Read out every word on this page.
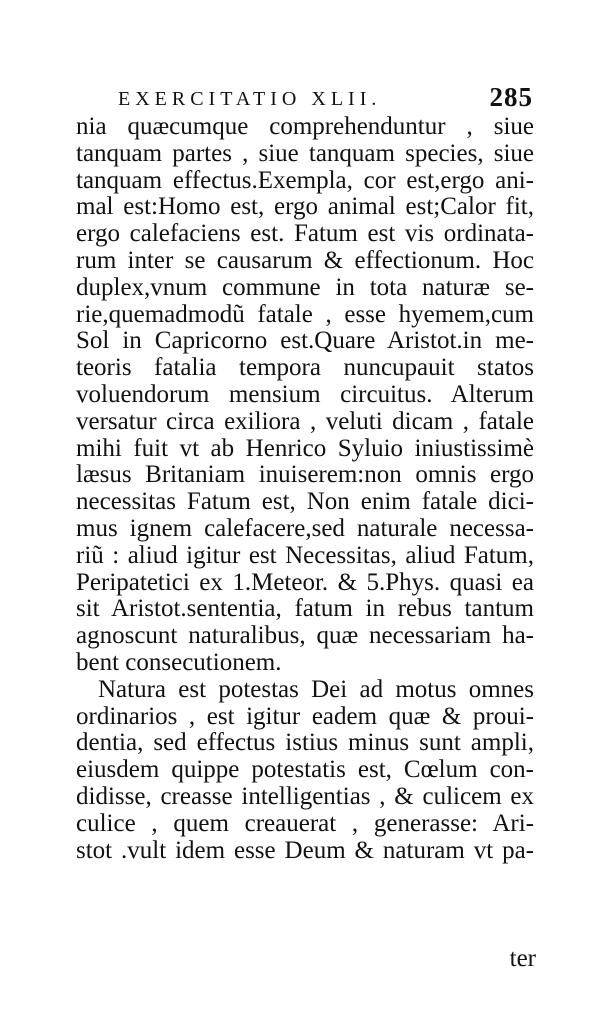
EXERCITATIO XLII.	285
nia quæcumque comprehenduntur , siue
tanquam partes , siue tanquam species, siue
tanquam effectus.Exempla, cor est,ergo ani-
mal est:Homo est, ergo animal est;Calor fit,
ergo calefaciens est. Fatum est vis ordinata-
rum inter se causarum & effectionum. Hoc
duplex,vnum commune in tota naturæ se-
rie,quemadmodũ fatale , esse hyemem,cum
Sol in Capricorno est.Quare Aristot.in me-
teoris fatalia tempora nuncupauit statos
voluendorum mensium circuitus. Alterum
versatur circa exiliora , veluti dicam , fatale
mihi fuit vt ab Henrico Syluio iniustissimè
læsus Britaniam inuiserem:non omnis ergo
necessitas Fatum est, Non enim fatale dici-
mus ignem calefacere,sed naturale necessa-
riũ : aliud igitur est Necessitas, aliud Fatum,
Peripatetici ex 1.Meteor. & 5.Phys. quasi ea
sit Aristot.sententia, fatum in rebus tantum
agnoscunt naturalibus, quæ necessariam ha-
bent consecutionem.
Natura est potestas Dei ad motus omnes
ordinarios , est igitur eadem quæ & proui-
dentia, sed effectus istius minus sunt ampli,
eiusdem quippe potestatis est, Cœlum con-
didisse, creasse intelligentias , & culicem ex
culice , quem creauerat , generasse: Ari-
stot .vult idem esse Deum & naturam vt pa-
ter
